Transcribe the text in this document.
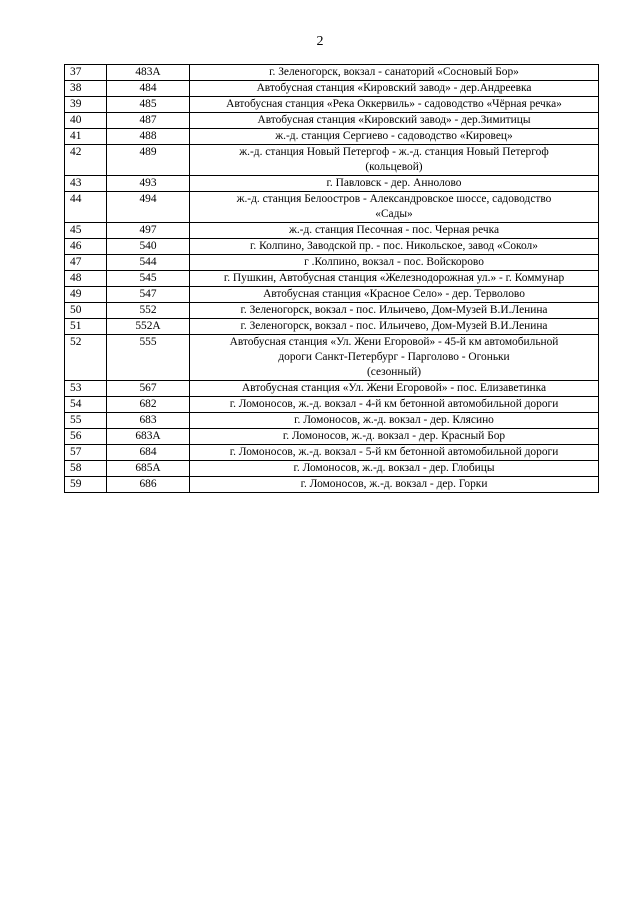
2
37	483А	г. Зеленогорск, вокзал - санаторий «Сосновый Бор»

38	484	Автобусная станция «Кировский завод» - дер.Андреевка

39	485	Автобусная станция «Река Оккервиль» - садоводство «Чёрная речка»

40	487	Автобусная станция «Кировский завод» - дер.Зимитицы

41	488	ж.-д. станция Сергиево - садоводство «Кировец»

42	489	ж.-д. станция Новый Петергоф - ж.-д. станция Новый Петергоф
(кольцевой)

43	493	г. Павловск - дер. Аннолово

44	494	ж.-д. станция Белоостров - Александровское шоссе, садоводство
«Сады»

45	497	ж.-д. станция Песочная - пос. Черная речка

46	540	г. Колпино, Заводской пр. - пос. Никольское, завод «Сокол»

47	544	г .Колпино, вокзал - пос. Войскорово

48	545	г. Пушкин, Автобусная станция «Железнодорожная ул.» - г. Коммунар

49	547	Автобусная станция «Красное Село» - дер. Терволово

50	552	г. Зеленогорск, вокзал - пос. Ильичево, Дом-Музей В.И.Ленина

51	552А	г. Зеленогорск, вокзал - пос. Ильичево, Дом-Музей В.И.Ленина

52	555	Автобусная станция «Ул. Жени Егоровой» - 45-й км автомобильной
дороги Санкт-Петербург - Парголово - Огоньки
(сезонный)

53	567	Автобусная станция «Ул. Жени Егоровой» - пос. Елизаветинка

54	682	г. Ломоносов, ж.-д. вокзал - 4-й км бетонной автомобильной дороги

55	683	г. Ломоносов, ж.-д. вокзал - дер. Клясино

56	683А	г. Ломоносов, ж.-д. вокзал - дер. Красный Бор

57	684	г. Ломоносов, ж.-д. вокзал - 5-й км бетонной автомобильной дороги

58	685А	г. Ломоносов, ж.-д. вокзал - дер. Глобицы

59	686	г. Ломоносов, ж.-д. вокзал - дер. Горки
